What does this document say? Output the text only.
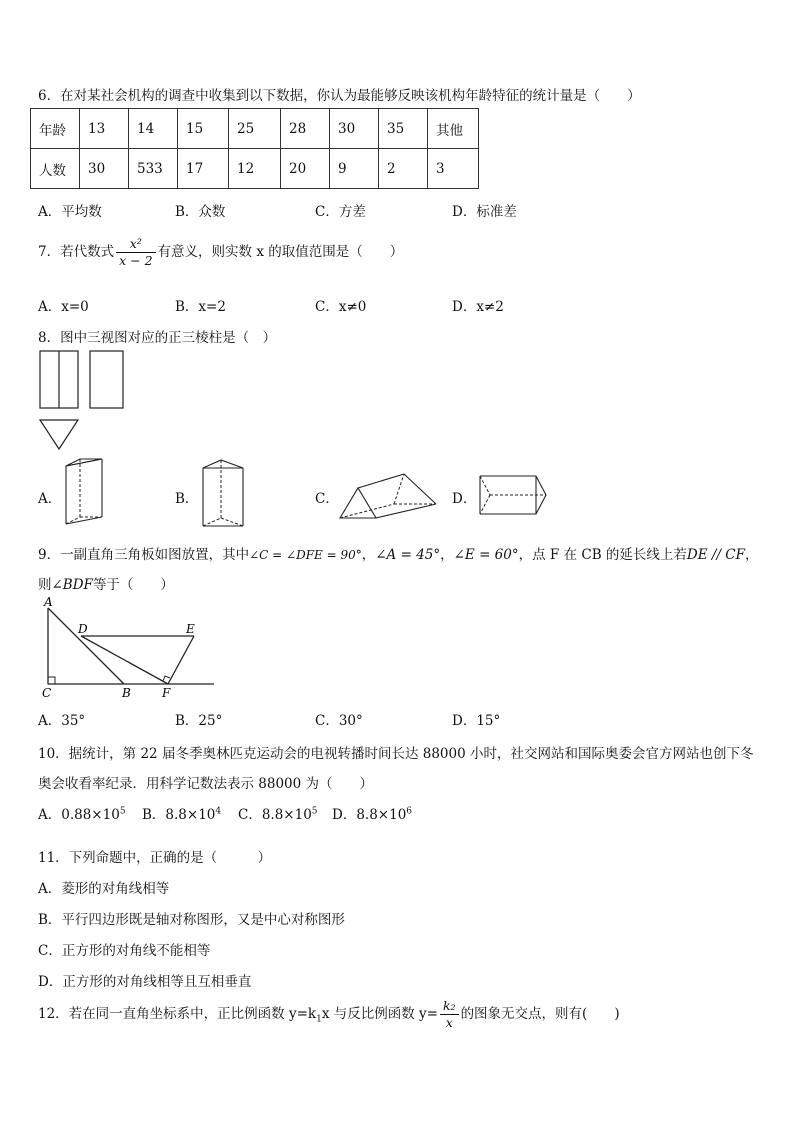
6．在对某社会机构的调查中收集到以下数据，你认为最能够反映该机构年龄特征的统计量是（　　）
年龄	13	14	15	25	28	30	35	其他
人数	30	533	17	12	20	9	2	3
A．平均数	B．众数	C．方差	D．标准差
7．若代数式 $\frac{\text{x²}}{x - 2}$ 有意义，则实数 x 的取值范围是（　　）
A．x=0	B．x=2	C．x≠0	D．x≠2
8．图中三视图对应的正三棱柱是（　）
A．	B．	C．	D．
9．一副直角三角板如图放置，其中∠C = ∠DFE = 90°，∠A = 45°，∠E = 60°，点 F 在 CB 的延长线上若DE // CF，
则∠BDF等于（　　）
A
D	E
C	B	F
A．35°	B．25°	C．30°	D．15°
10．据统计，第 22 届冬季奥林匹克运动会的电视转播时间长达 88000 小时，社交网站和国际奥委会官方网站也创下冬
奥会收看率纪录．用科学记数法表示 88000 为（　　）
A．$0.88\times 10^5$ B．$8.8\times 10^4$ C．$8.8\times 10^5$ D．$8.8\times 10^6$
11．下列命题中，正确的是（　　　）
A．菱形的对角线相等
B．平行四边形既是轴对称图形，又是中心对称图形
C．正方形的对角线不能相等
D．正方形的对角线相等且互相垂直
12．若在同一直角坐标系中，正比例函数 $y=k_1x$ 与反比例函数 $y= \frac{\text{k₂}}{x}$ 的图象无交点，则有(　　)
